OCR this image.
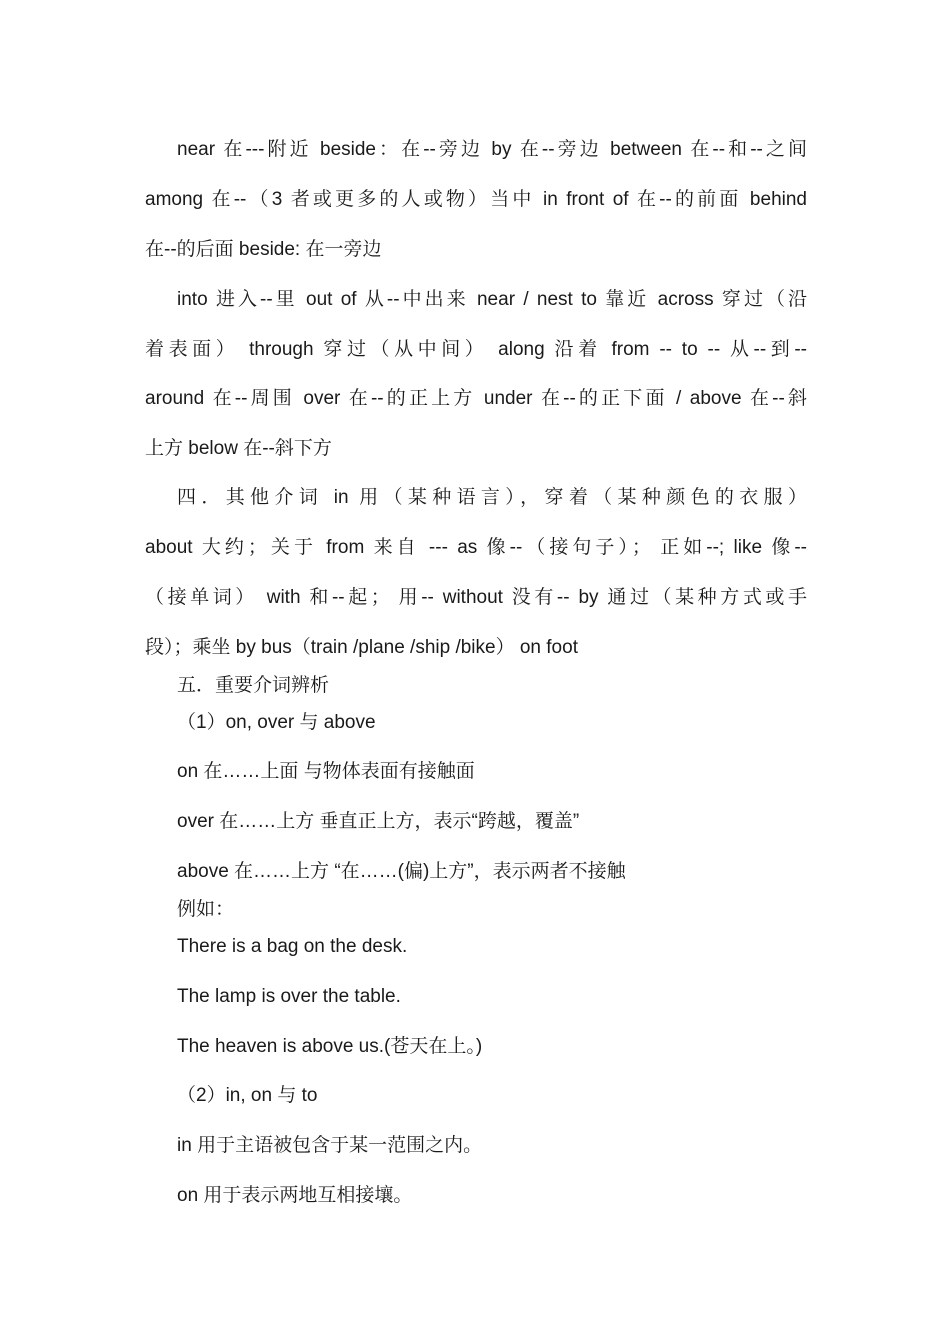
near 在---附近 beside：在--旁边 by 在--旁边 between 在--和--之间
among 在--（3 者或更多的人或物）当中 in front of 在--的前面 behind
在--的后面 beside: 在一旁边
into 进入--里 out of 从--中出来 near / nest to 靠近 across 穿过（沿
着表面） through 穿过（从中间） along 沿着 from -- to -- 从--到--
around 在--周围 over 在--的正上方 under 在--的正下面 / above 在--斜
上方 below 在--斜下方
四．其他介词 in 用（某种语言），穿着（某种颜色的衣服）
about 大约；关于 from 来自 --- as 像--（接句子）； 正如--; like 像--
（接单词） with 和--起； 用-- without 没有-- by 通过（某种方式或手
段）；乘坐 by bus（train /plane /ship /bike） on foot
五．重要介词辨析
（1）on, over 与 above
on 在……上面 与物体表面有接触面
over 在……上方 垂直正上方，表示“跨越，覆盖”
above 在……上方 “在……(偏)上方”，表示两者不接触
例如：
There is a bag on the desk.
The lamp is over the table.
The heaven is above us.(苍天在上。)
（2）in, on 与 to
in 用于主语被包含于某一范围之内。
on 用于表示两地互相接壤。
